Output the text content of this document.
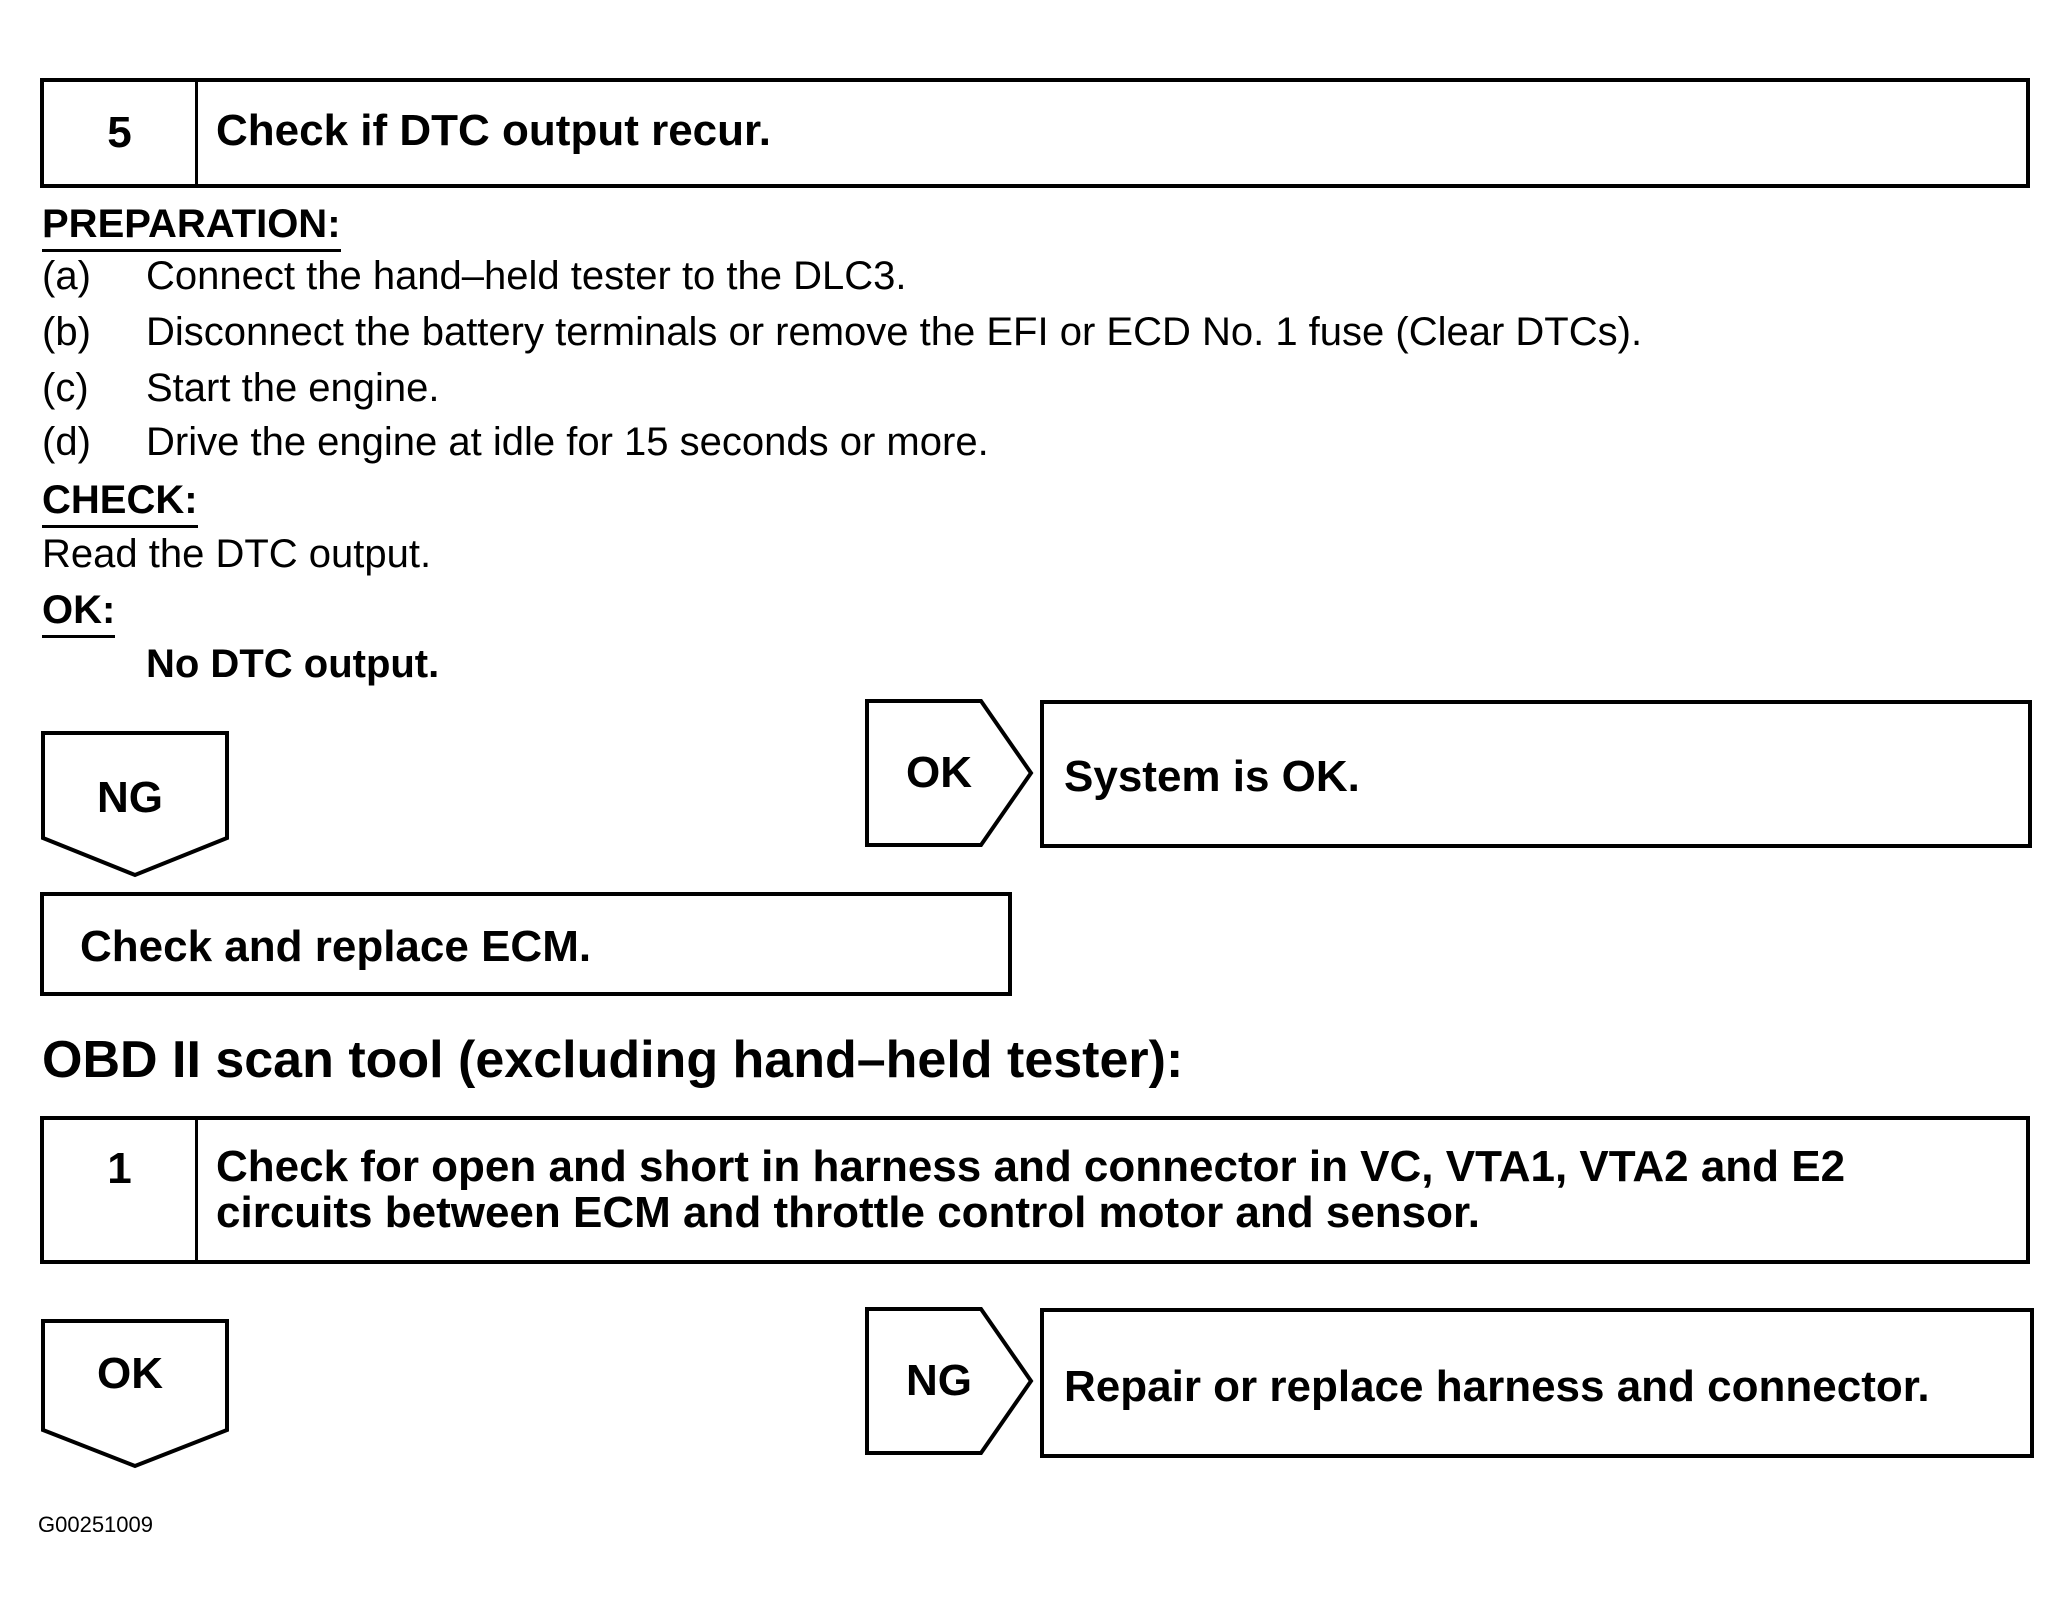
5	Check if DTC output recur.
PREPARATION:
(a) Connect the hand–held tester to the DLC3.
(b) Disconnect the battery terminals or remove the EFI or ECD No. 1 fuse (Clear DTCs).
(c) Start the engine.
(d) Drive the engine at idle for 15 seconds or more.
CHECK:
Read the DTC output.
OK:
No DTC output.
NG
OK	System is OK.
Check and replace ECM.
OBD II scan tool (excluding hand–held tester):
1	Check for open and short in harness and connector in VC, VTA1, VTA2 and E2
circuits between ECM and throttle control motor and sensor.
OK	NG	Repair or replace harness and connector.
G00251009
